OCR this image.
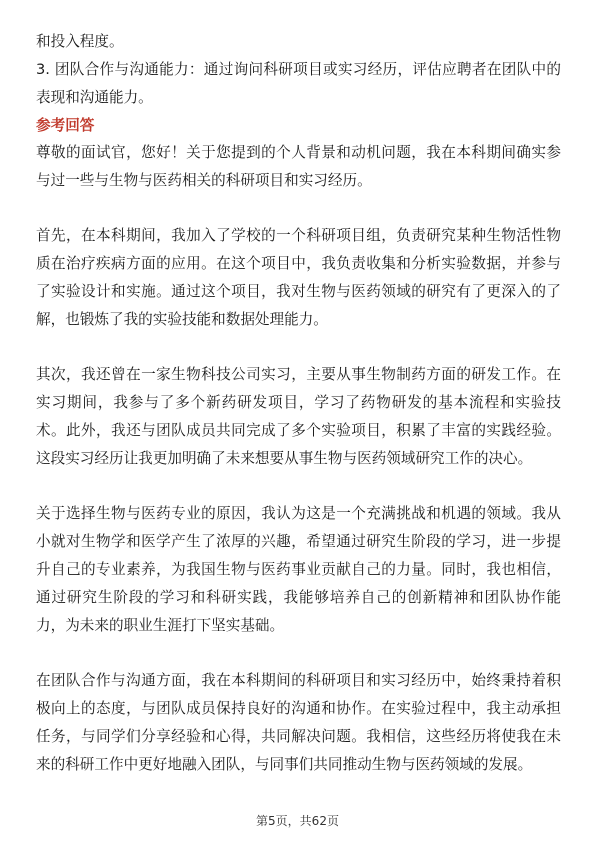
和投入程度。

3. 团队合作与沟通能力：通过询问科研项目或实习经历，评估应聘者在团队中的表现和沟通能力。

参考回答

尊敬的面试官，您好！关于您提到的个人背景和动机问题，我在本科期间确实参与过一些与生物与医药相关的科研项目和实习经历。

首先，在本科期间，我加入了学校的一个科研项目组，负责研究某种生物活性物质在治疗疾病方面的应用。在这个项目中，我负责收集和分析实验数据，并参与了实验设计和实施。通过这个项目，我对生物与医药领域的研究有了更深入的了解，也锻炼了我的实验技能和数据处理能力。

其次，我还曾在一家生物科技公司实习，主要从事生物制药方面的研发工作。在实习期间，我参与了多个新药研发项目，学习了药物研发的基本流程和实验技术。此外，我还与团队成员共同完成了多个实验项目，积累了丰富的实践经验。这段实习经历让我更加明确了未来想要从事生物与医药领域研究工作的决心。

关于选择生物与医药专业的原因，我认为这是一个充满挑战和机遇的领域。我从小就对生物学和医学产生了浓厚的兴趣，希望通过研究生阶段的学习，进一步提升自己的专业素养，为我国生物与医药事业贡献自己的力量。同时，我也相信，通过研究生阶段的学习和科研实践，我能够培养自己的创新精神和团队协作能力，为未来的职业生涯打下坚实基础。

在团队合作与沟通方面，我在本科期间的科研项目和实习经历中，始终秉持着积极向上的态度，与团队成员保持良好的沟通和协作。在实验过程中，我主动承担任务，与同学们分享经验和心得，共同解决问题。我相信，这些经历将使我在未来的科研工作中更好地融入团队，与同事们共同推动生物与医药领域的发展。

第5页，共62页
